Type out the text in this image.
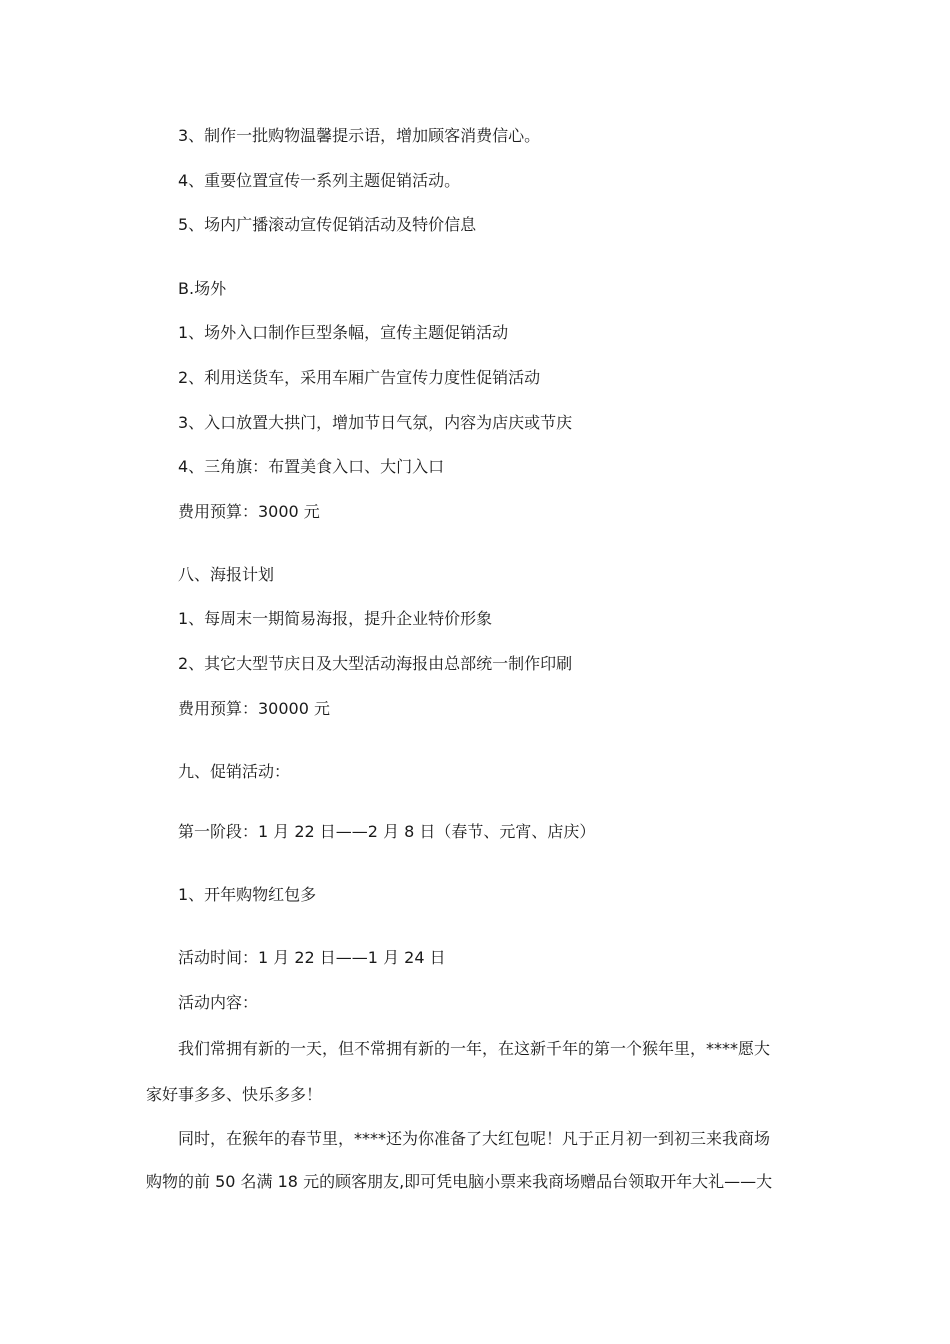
3、制作一批购物温馨提示语，增加顾客消费信心。
4、重要位置宣传一系列主题促销活动。
5、场内广播滚动宣传促销活动及特价信息
B.场外
1、场外入口制作巨型条幅，宣传主题促销活动
2、利用送货车，采用车厢广告宣传力度性促销活动
3、入口放置大拱门，增加节日气氛，内容为店庆或节庆
4、三角旗：布置美食入口、大门入口
费用预算：3000 元
八、海报计划
1、每周末一期简易海报，提升企业特价形象
2、其它大型节庆日及大型活动海报由总部统一制作印刷
费用预算：30000 元
九、促销活动：
第一阶段：1 月 22 日——2 月 8 日（春节、元宵、店庆）
1、开年购物红包多
活动时间：1 月 22 日——1 月 24 日
活动内容：
我们常拥有新的一天，但不常拥有新的一年，在这新千年的第一个猴年里，****愿大
家好事多多、快乐多多！
同时，在猴年的春节里，****还为你准备了大红包呢！凡于正月初一到初三来我商场
购物的前 50 名满 18 元的顾客朋友,即可凭电脑小票来我商场赠品台领取开年大礼——大
